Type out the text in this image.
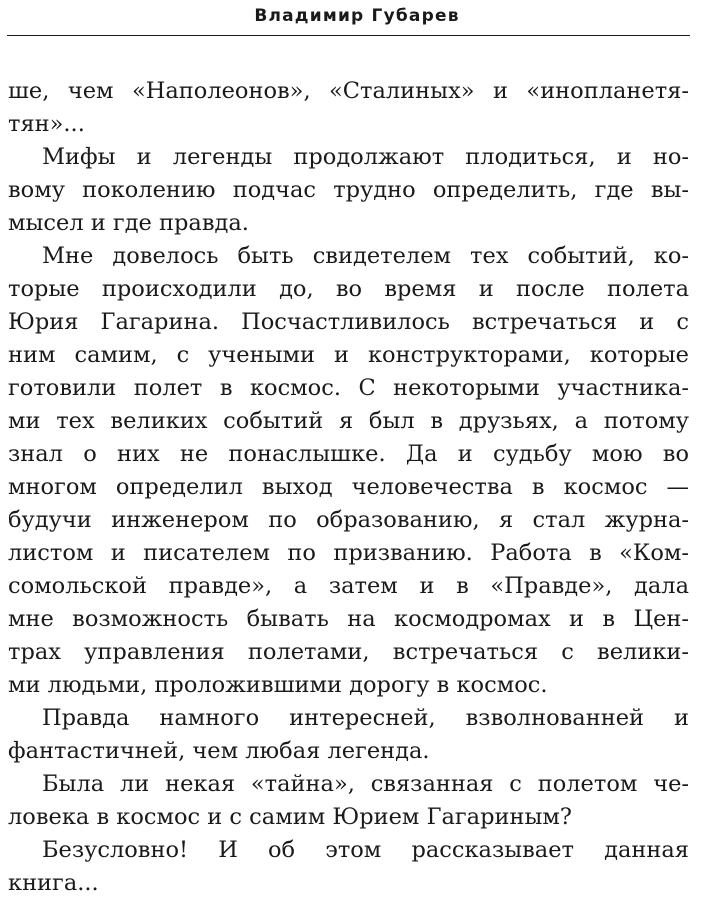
Владимир Губарев
ше, чем «Наполеонов», «Сталиных» и «инопланетя-
тян»...
Мифы и легенды продолжают плодиться, и но-
вому поколению подчас трудно определить, где вы-
мысел и где правда.
Мне довелось быть свидетелем тех событий, ко-
торые происходили до, во время и после полета
Юрия Гагарина. Посчастливилось встречаться и с
ним самим, с учеными и конструкторами, которые
готовили полет в космос. С некоторыми участника-
ми тех великих событий я был в друзьях, а потому
знал о них не понаслышке. Да и судьбу мою во
многом определил выход человечества в космос —
будучи инженером по образованию, я стал журна-
листом и писателем по призванию. Работа в «Ком-
сомольской правде», а затем и в «Правде», дала
мне возможность бывать на космодромах и в Цен-
трах управления полетами, встречаться с велики-
ми людьми, проложившими дорогу в космос.
Правда намного интересней, взволнованней и
фантастичней, чем любая легенда.
Была ли некая «тайна», связанная с полетом че-
ловека в космос и с самим Юрием Гагариным?
Безусловно! И об этом рассказывает данная
книга...
